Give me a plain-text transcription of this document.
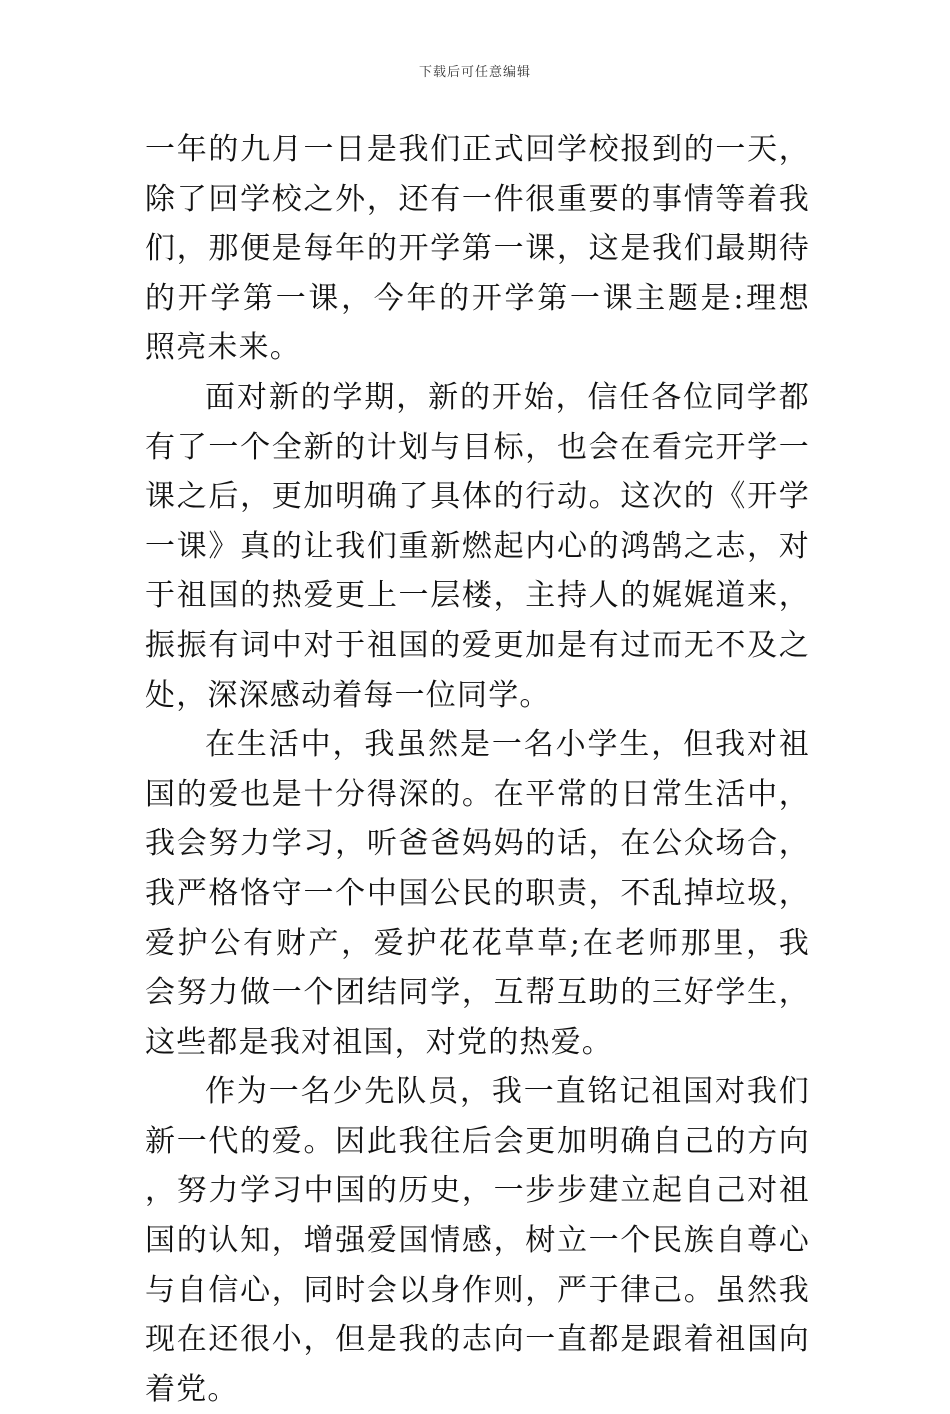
下载后可任意编辑

一年的九月一日是我们正式回学校报到的一天，除了回学校之外，还有一件很重要的事情等着我们，那便是每年的开学第一课，这是我们最期待的开学第一课，今年的开学第一课主题是:理想照亮未来。

面对新的学期，新的开始，信任各位同学都有了一个全新的计划与目标，也会在看完开学一课之后，更加明确了具体的行动。这次的《开学一课》真的让我们重新燃起内心的鸿鹄之志，对于祖国的热爱更上一层楼，主持人的娓娓道来，振振有词中对于祖国的爱更加是有过而无不及之处，深深感动着每一位同学。

在生活中，我虽然是一名小学生，但我对祖国的爱也是十分得深的。在平常的日常生活中，我会努力学习，听爸爸妈妈的话，在公众场合，我严格恪守一个中国公民的职责，不乱掉垃圾，爱护公有财产，爱护花花草草;在老师那里，我会努力做一个团结同学，互帮互助的三好学生，这些都是我对祖国，对党的热爱。

作为一名少先队员，我一直铭记祖国对我们新一代的爱。因此我往后会更加明确自己的方向，努力学习中国的历史，一步步建立起自己对祖国的认知，增强爱国情感，树立一个民族自尊心与自信心，同时会以身作则，严于律己。虽然我现在还很小，但是我的志向一直都是跟着祖国向着党。
